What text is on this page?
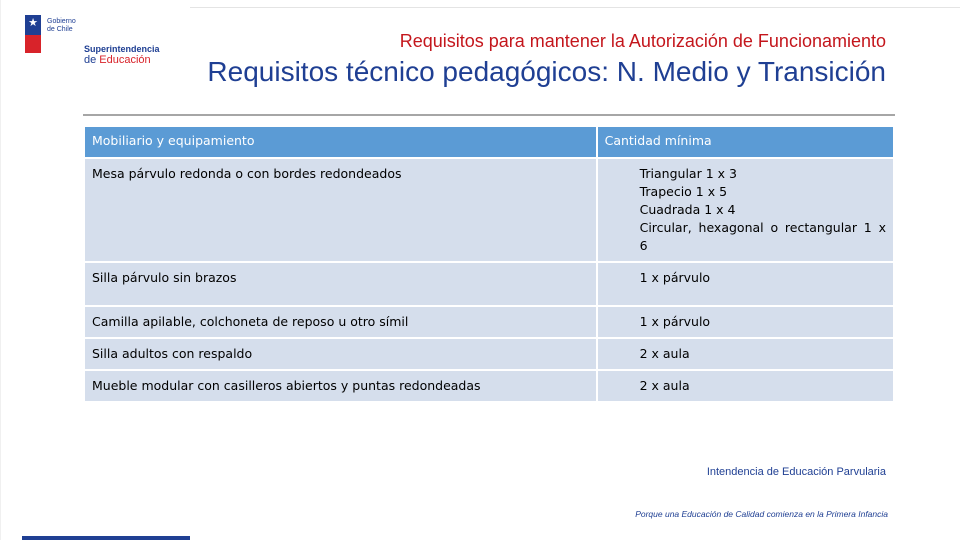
★ Gobierno de Chile
Superintendencia
de Educación
Requisitos para mantener la Autorización de Funcionamiento
Requisitos técnico pedagógicos: N. Medio y Transición
Mobiliario y equipamiento	Cantidad mínima
Mesa párvulo redonda o con bordes redondeados	Triangular 1 x 3
Trapecio 1 x 5
Cuadrada 1 x 4
Circular, hexagonal o rectangular 1 x
6

Silla párvulo sin brazos	1 x párvulo

Camilla apilable, colchoneta de reposo u otro símil	1 x párvulo

Silla adultos con respaldo	2 x aula

Mueble modular con casilleros abiertos y puntas redondeadas	2 x aula
Intendencia de Educación Parvularia
Porque una Educación de Calidad comienza en la Primera Infancia
